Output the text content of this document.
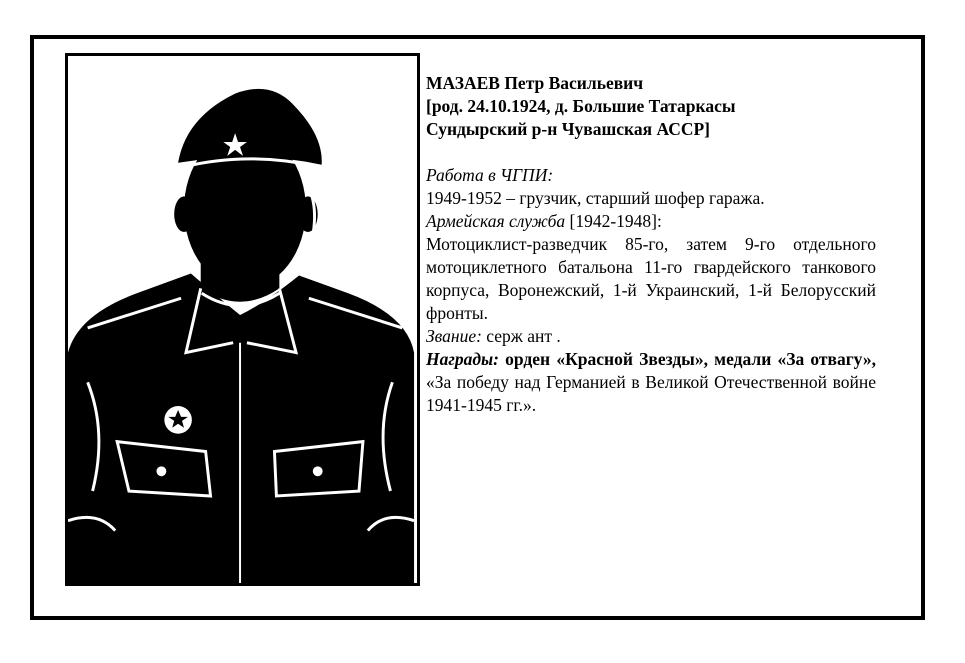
МАЗАЕВ Петр Васильевич

[род. 24.10.1924, д. Большие Татаркасы

Сундырский р-н Чувашская АССР]

Работа в ЧГПИ:

1949-1952 – грузчик, старший шофер гаража.

Армейская служба [1942-1948]:

Мотоциклист-разведчик 85-го, затем 9-го отдельного мотоциклетного батальона 11-го гвардейского танкового корпуса, Воронежский, 1-й Украинский, 1-й Белорусский фронты.

Звание: серж ант .

Награды: орден «Красной Звезды», медали «За отвагу», «За победу над Германией в Великой Отечественной войне 1941-1945 гг.».
